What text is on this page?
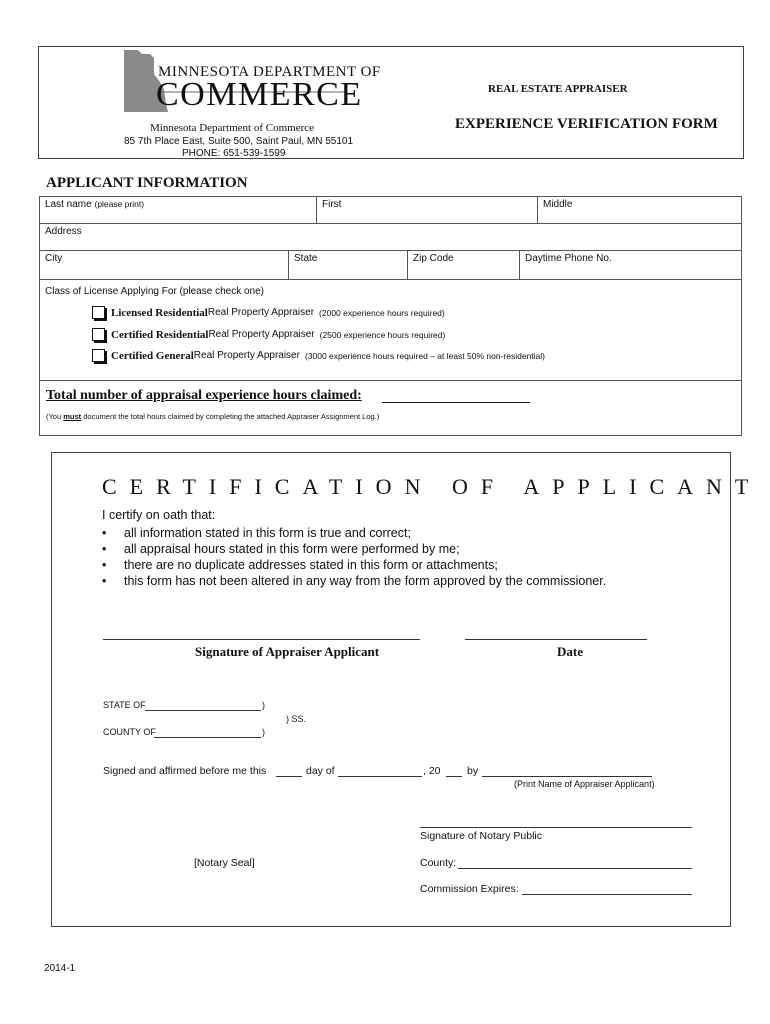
MINNESOTA DEPARTMENT OF
COMMERCE
Minnesota Department of Commerce
85 7th Place East, Suite 500, Saint Paul, MN 55101
PHONE: 651-539-1599
REAL ESTATE APPRAISER
EXPERIENCE VERIFICATION FORM
APPLICANT INFORMATION
Last name (please print)	First	Middle
Address
City	State	Zip Code	Daytime Phone No.
Class of License Applying For (please check one)
Licensed Residential Real Property Appraiser (2000 experience hours required)
Certified Residential Real Property Appraiser (2500 experience hours required)
Certified General Real Property Appraiser (3000 experience hours required – at least 50% non-residential)
Total number of appraisal experience hours claimed:
(You must document the total hours claimed by completing the attached Appraiser Assignment Log.)
CERTIFICATION OF APPLICANT
I certify on oath that:
• all information stated in this form is true and correct;
• all appraisal hours stated in this form were performed by me;
• there are no duplicate addresses stated in this form or attachments;
• this form has not been altered in any way from the form approved by the commissioner.
Signature of Appraiser Applicant	Date
STATE OF	)
) SS.
COUNTY OF	)
Signed and affirmed before me this	day of	, 20	by
(Print Name of Appraiser Applicant)
Signature of Notary Public
[Notary Seal]	County:
Commission Expires:
2014-1
